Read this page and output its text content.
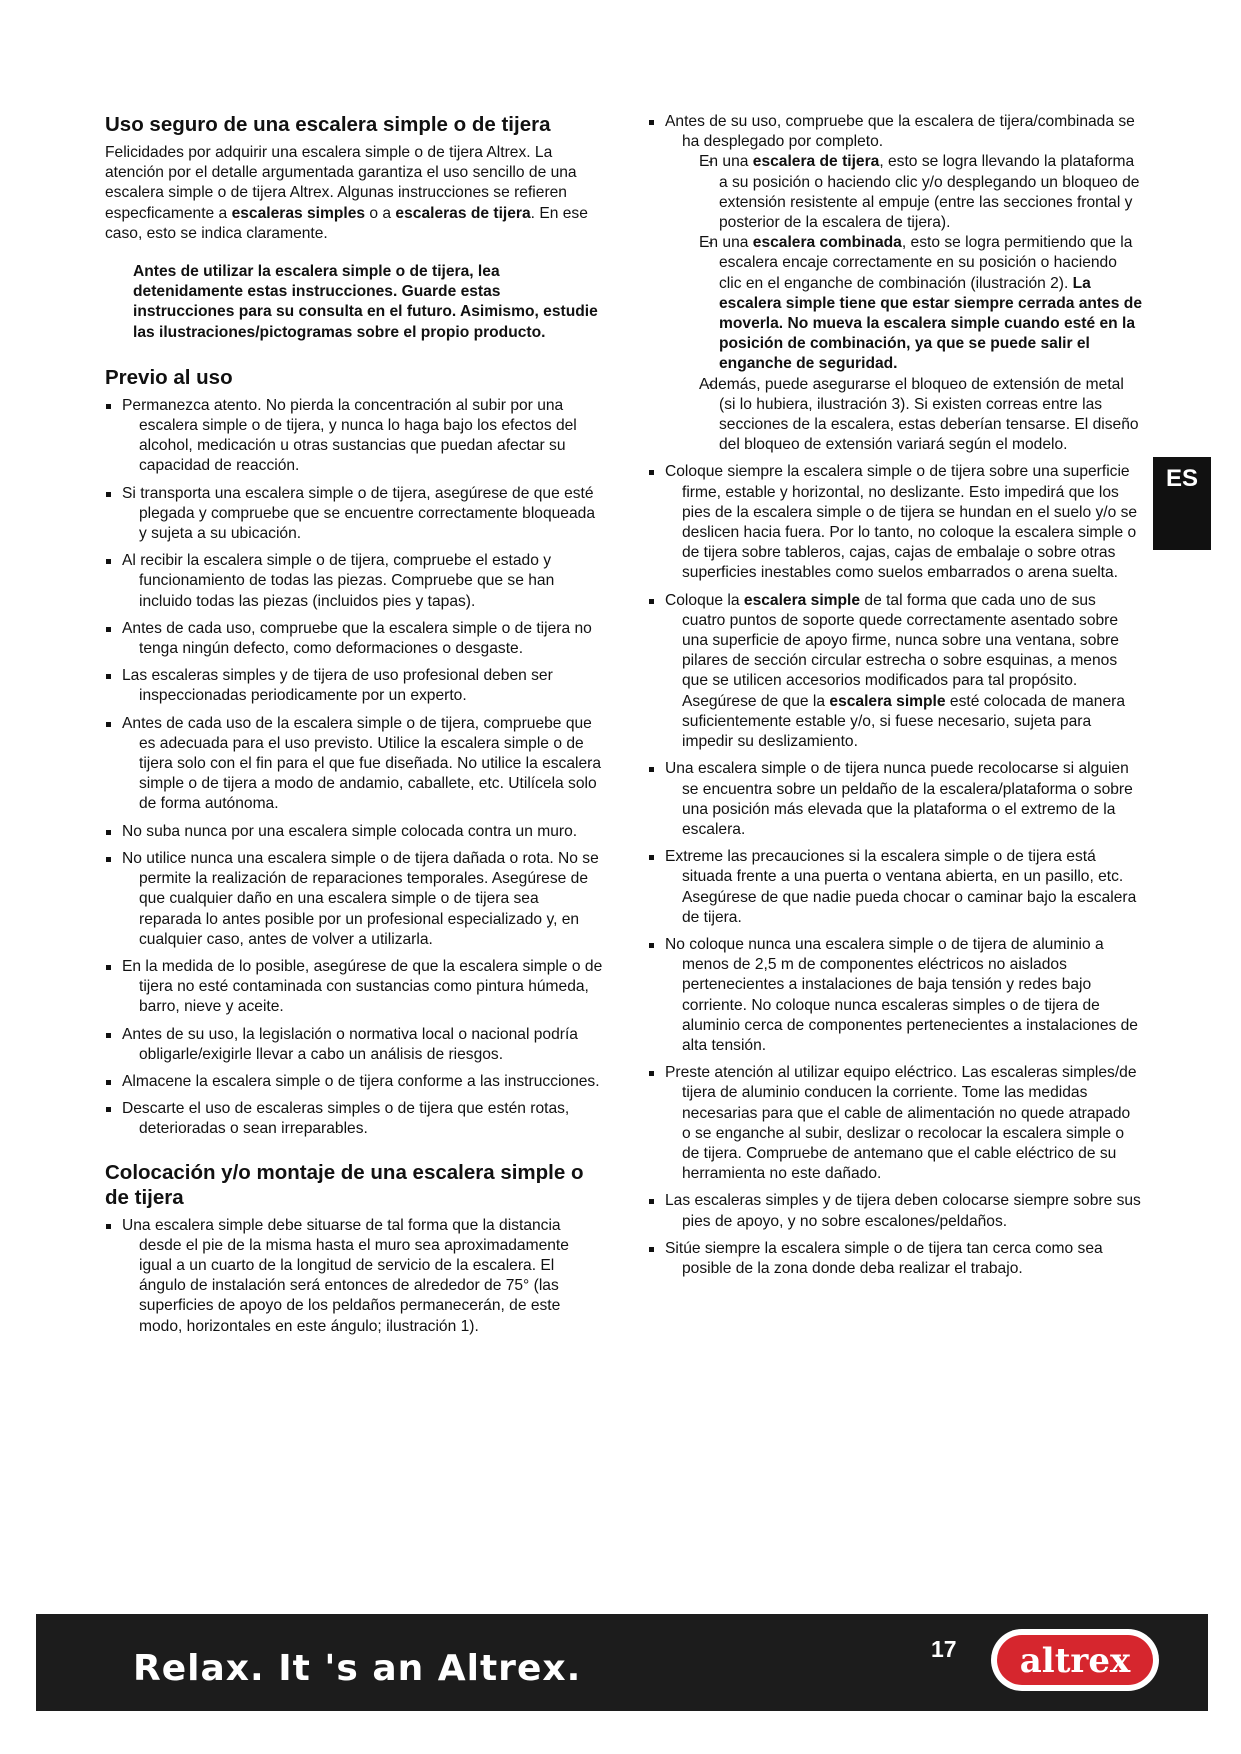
Uso seguro de una escalera simple o de tijera

Felicidades por adquirir una escalera simple o de tijera Altrex. La atención por el detalle argumentada garantiza el uso sencillo de una escalera simple o de tijera Altrex. Algunas instrucciones se refieren especficamente a escaleras simples o a escaleras de tijera. En ese caso, esto se indica claramente.

Antes de utilizar la escalera simple o de tijera, lea detenidamente estas instrucciones. Guarde estas instrucciones para su consulta en el futuro. Asimismo, estudie las ilustraciones/pictogramas sobre el propio producto.

Previo al uso
Permanezca atento. No pierda la concentración al subir por una escalera simple o de tijera, y nunca lo haga bajo los efectos del alcohol, medicación u otras sustancias que puedan afectar su capacidad de reacción.
Si transporta una escalera simple o de tijera, asegúrese de que esté plegada y compruebe que se encuentre correctamente bloqueada y sujeta a su ubicación.
Al recibir la escalera simple o de tijera, compruebe el estado y funcionamiento de todas las piezas. Compruebe que se han incluido todas las piezas (incluidos pies y tapas).
Antes de cada uso, compruebe que la escalera simple o de tijera no tenga ningún defecto, como deformaciones o desgaste.
Las escaleras simples y de tijera de uso profesional deben ser inspeccionadas periodicamente por un experto.
Antes de cada uso de la escalera simple o de tijera, compruebe que es adecuada para el uso previsto. Utilice la escalera simple o de tijera solo con el fin para el que fue diseñada. No utilice la escalera simple o de tijera a modo de andamio, caballete, etc. Utilícela solo de forma autónoma.
No suba nunca por una escalera simple colocada contra un muro.
No utilice nunca una escalera simple o de tijera dañada o rota. No se permite la realización de reparaciones temporales. Asegúrese de que cualquier daño en una escalera simple o de tijera sea reparada lo antes posible por un profesional especializado y, en cualquier caso, antes de volver a utilizarla.
En la medida de lo posible, asegúrese de que la escalera simple o de tijera no esté contaminada con sustancias como pintura húmeda, barro, nieve y aceite.
Antes de su uso, la legislación o normativa local o nacional podría obligarle/exigirle llevar a cabo un análisis de riesgos.
Almacene la escalera simple o de tijera conforme a las instrucciones.
Descarte el uso de escaleras simples o de tijera que estén rotas, deterioradas o sean irreparables.
Colocación y/o montaje de una escalera simple o de tijera
Una escalera simple debe situarse de tal forma que la distancia desde el pie de la misma hasta el muro sea aproximadamente igual a un cuarto de la longitud de servicio de la escalera. El ángulo de instalación será entonces de alrededor de 75° (las superficies de apoyo de los peldaños permanecerán, de este modo, horizontales en este ángulo; ilustración 1).
Antes de su uso, compruebe que la escalera de tijera/combinada se ha desplegado por completo.
- En una escalera de tijera, esto se logra llevando la plataforma a su posición o haciendo clic y/o desplegando un bloqueo de extensión resistente al empuje (entre las secciones frontal y posterior de la escalera de tijera).
- En una escalera combinada, esto se logra permitiendo que la escalera encaje correctamente en su posición o haciendo clic en el enganche de combinación (ilustración 2). La escalera simple tiene que estar siempre cerrada antes de moverla. No mueva la escalera simple cuando esté en la posición de combinación, ya que se puede salir el enganche de seguridad.
- Además, puede asegurarse el bloqueo de extensión de metal (si lo hubiera, ilustración 3). Si existen correas entre las secciones de la escalera, estas deberían tensarse. El diseño del bloqueo de extensión variará según el modelo.
Coloque siempre la escalera simple o de tijera sobre una superficie firme, estable y horizontal, no deslizante. Esto impedirá que los pies de la escalera simple o de tijera se hundan en el suelo y/o se deslicen hacia fuera. Por lo tanto, no coloque la escalera simple o de tijera sobre tableros, cajas, cajas de embalaje o sobre otras superficies inestables como suelos embarrados o arena suelta.
Coloque la escalera simple de tal forma que cada uno de sus cuatro puntos de soporte quede correctamente asentado sobre una superficie de apoyo firme, nunca sobre una ventana, sobre pilares de sección circular estrecha o sobre esquinas, a menos que se utilicen accesorios modificados para tal propósito. Asegúrese de que la escalera simple esté colocada de manera suficientemente estable y/o, si fuese necesario, sujeta para impedir su deslizamiento.
Una escalera simple o de tijera nunca puede recolocarse si alguien se encuentra sobre un peldaño de la escalera/plataforma o sobre una posición más elevada que la plataforma o el extremo de la escalera.
Extreme las precauciones si la escalera simple o de tijera está situada frente a una puerta o ventana abierta, en un pasillo, etc. Asegúrese de que nadie pueda chocar o caminar bajo la escalera de tijera.
No coloque nunca una escalera simple o de tijera de aluminio a menos de 2,5 m de componentes eléctricos no aislados pertenecientes a instalaciones de baja tensión y redes bajo corriente. No coloque nunca escaleras simples o de tijera de aluminio cerca de componentes pertenecientes a instalaciones de alta tensión.
Preste atención al utilizar equipo eléctrico. Las escaleras simples/de tijera de aluminio conducen la corriente. Tome las medidas necesarias para que el cable de alimentación no quede atrapado o se enganche al subir, deslizar o recolocar la escalera simple o de tijera. Compruebe de antemano que el cable eléctrico de su herramienta no este dañado.
Las escaleras simples y de tijera deben colocarse siempre sobre sus pies de apoyo, y no sobre escalones/peldaños.
Sitúe siempre la escalera simple o de tijera tan cerca como sea posible de la zona donde deba realizar el trabajo.
ES
Relax. It 's an Altrex.	17 altrex
